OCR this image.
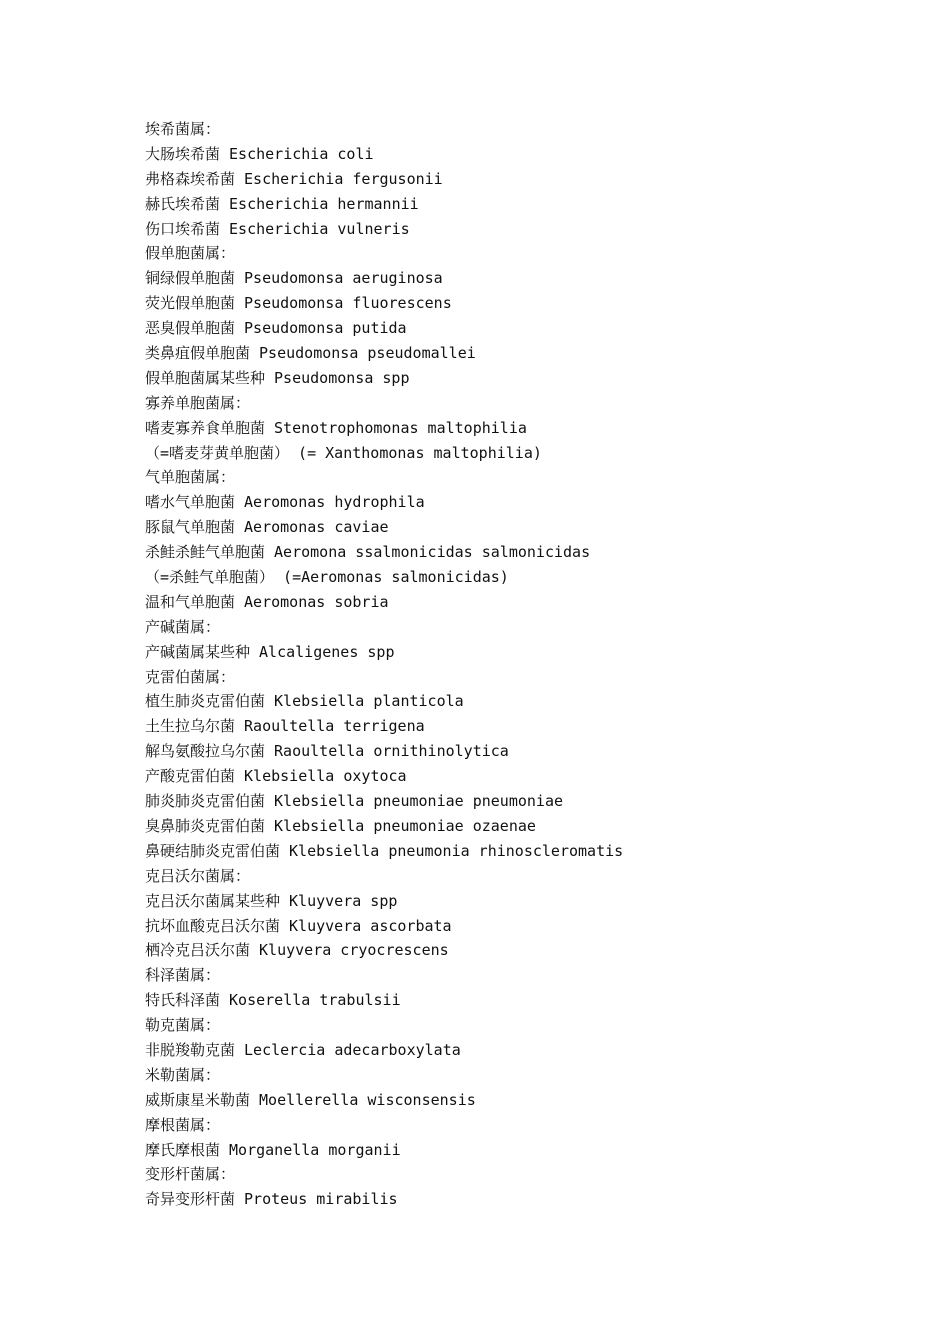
埃希菌属：
大肠埃希菌 Escherichia coli
弗格森埃希菌 Escherichia fergusonii
赫氏埃希菌 Escherichia hermannii
伤口埃希菌 Escherichia vulneris
假单胞菌属：
铜绿假单胞菌 Pseudomonsa aeruginosa
荧光假单胞菌 Pseudomonsa fluorescens
恶臭假单胞菌 Pseudomonsa putida
类鼻疽假单胞菌 Pseudomonsa pseudomallei
假单胞菌属某些种 Pseudomonsa spp
寡养单胞菌属：
嗜麦寡养食单胞菌 Stenotrophomonas maltophilia
（=嗜麦芽黄单胞菌） (= Xanthomonas maltophilia)
气单胞菌属：
嗜水气单胞菌 Aeromonas hydrophila
豚鼠气单胞菌 Aeromonas caviae
杀鲑杀鲑气单胞菌 Aeromona ssalmonicidas salmonicidas
（=杀鲑气单胞菌） (=Aeromonas salmonicidas)
温和气单胞菌 Aeromonas sobria
产碱菌属：
产碱菌属某些种 Alcaligenes spp
克雷伯菌属：
植生肺炎克雷伯菌 Klebsiella planticola
土生拉乌尔菌 Raoultella terrigena
解鸟氨酸拉乌尔菌 Raoultella ornithinolytica
产酸克雷伯菌 Klebsiella oxytoca
肺炎肺炎克雷伯菌 Klebsiella pneumoniae pneumoniae
臭鼻肺炎克雷伯菌 Klebsiella pneumoniae ozaenae
鼻硬结肺炎克雷伯菌 Klebsiella pneumonia rhinoscleromatis
克吕沃尔菌属：
克吕沃尔菌属某些种 Kluyvera spp
抗坏血酸克吕沃尔菌 Kluyvera ascorbata
栖冷克吕沃尔菌 Kluyvera cryocrescens
科泽菌属：
特氏科泽菌 Koserella trabulsii
勒克菌属：
非脱羧勒克菌 Leclercia adecarboxylata
米勒菌属：
威斯康星米勒菌 Moellerella wisconsensis
摩根菌属：
摩氏摩根菌 Morganella morganii
变形杆菌属：
奇异变形杆菌 Proteus mirabilis
